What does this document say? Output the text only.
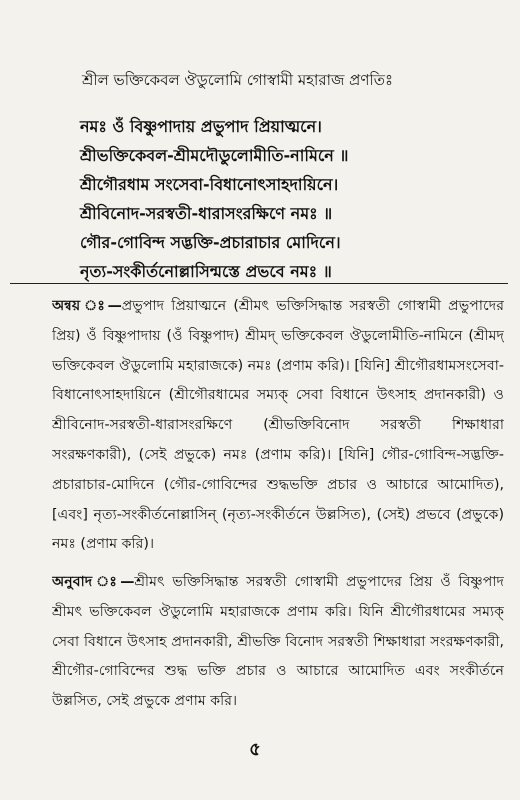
শ্রীল ভক্তিকেবল ঔডুলোমি গোস্বামী মহারাজ প্রণতিঃ
নমঃ ওঁ বিষ্ণুপাদায় প্রভুপাদ প্রিয়াত্মনে।
শ্রীভক্তিকেবল-শ্রীমদৌডুলোমীতি-নামিনে ॥
শ্রীগৌরধাম সংসেবা-বিধানোৎসাহদায়িনে।
শ্রীবিনোদ-সরস্বতী-ধারাসংরক্ষিণে নমঃ ॥
গৌর-গোবিন্দ সদ্ভক্তি-প্রচারাচার মোদিনে।
নৃত্য-সংকীর্তনোল্লাসিন্মস্তে প্রভবে নমঃ ॥
অন্বয় ঃ—প্রভুপাদ প্রিয়াত্মনে (শ্রীমৎ ভক্তিসিদ্ধান্ত সরস্বতী গোস্বামী প্রভুপাদের প্রিয়) ওঁ বিষ্ণুপাদায় (ওঁ বিষ্ণুপাদ) শ্রীমদ্ ভক্তিকেবল ঔডুলোমীতি-নামিনে (শ্রীমদ্ ভক্তিকেবল ঔডুলোমি মহারাজকে) নমঃ (প্রণাম করি)। [যিনি] শ্রীগৌরধামসংসেবা-বিধানোৎসাহদায়িনে (শ্রীগৌরধামের সম্যক্ সেবা বিধানে উৎসাহ প্রদানকারী) ও শ্রীবিনোদ-সরস্বতী-ধারাসংরক্ষিণে (শ্রীভক্তিবিনোদ সরস্বতী শিক্ষাধারা সংরক্ষণকারী), (সেই প্রভুকে) নমঃ (প্রণাম করি)। [যিনি] গৌর-গোবিন্দ-সদ্ভক্তি-প্রচারাচার-মোদিনে (গৌর-গোবিন্দের শুদ্ধভক্তি প্রচার ও আচারে আমোদিত), [এবং] নৃত্য-সংকীর্তনোল্লাসিন্ (নৃত্য-সংকীর্তনে উল্লসিত), (সেই) প্রভবে (প্রভুকে) নমঃ (প্রণাম করি)।
অনুবাদ ঃ—শ্রীমৎ ভক্তিসিদ্ধান্ত সরস্বতী গোস্বামী প্রভুপাদের প্রিয় ওঁ বিষ্ণুপাদ শ্রীমৎ ভক্তিকেবল ঔডুলোমি মহারাজকে প্রণাম করি। যিনি শ্রীগৌরধামের সম্যক্ সেবা বিধানে উৎসাহ প্রদানকারী, শ্রীভক্তি বিনোদ সরস্বতী শিক্ষাধারা সংরক্ষণকারী, শ্রীগৌর-গোবিন্দের শুদ্ধ ভক্তি প্রচার ও আচারে আমোদিত এবং সংকীর্তনে উল্লসিত, সেই প্রভুকে প্রণাম করি।
৫
